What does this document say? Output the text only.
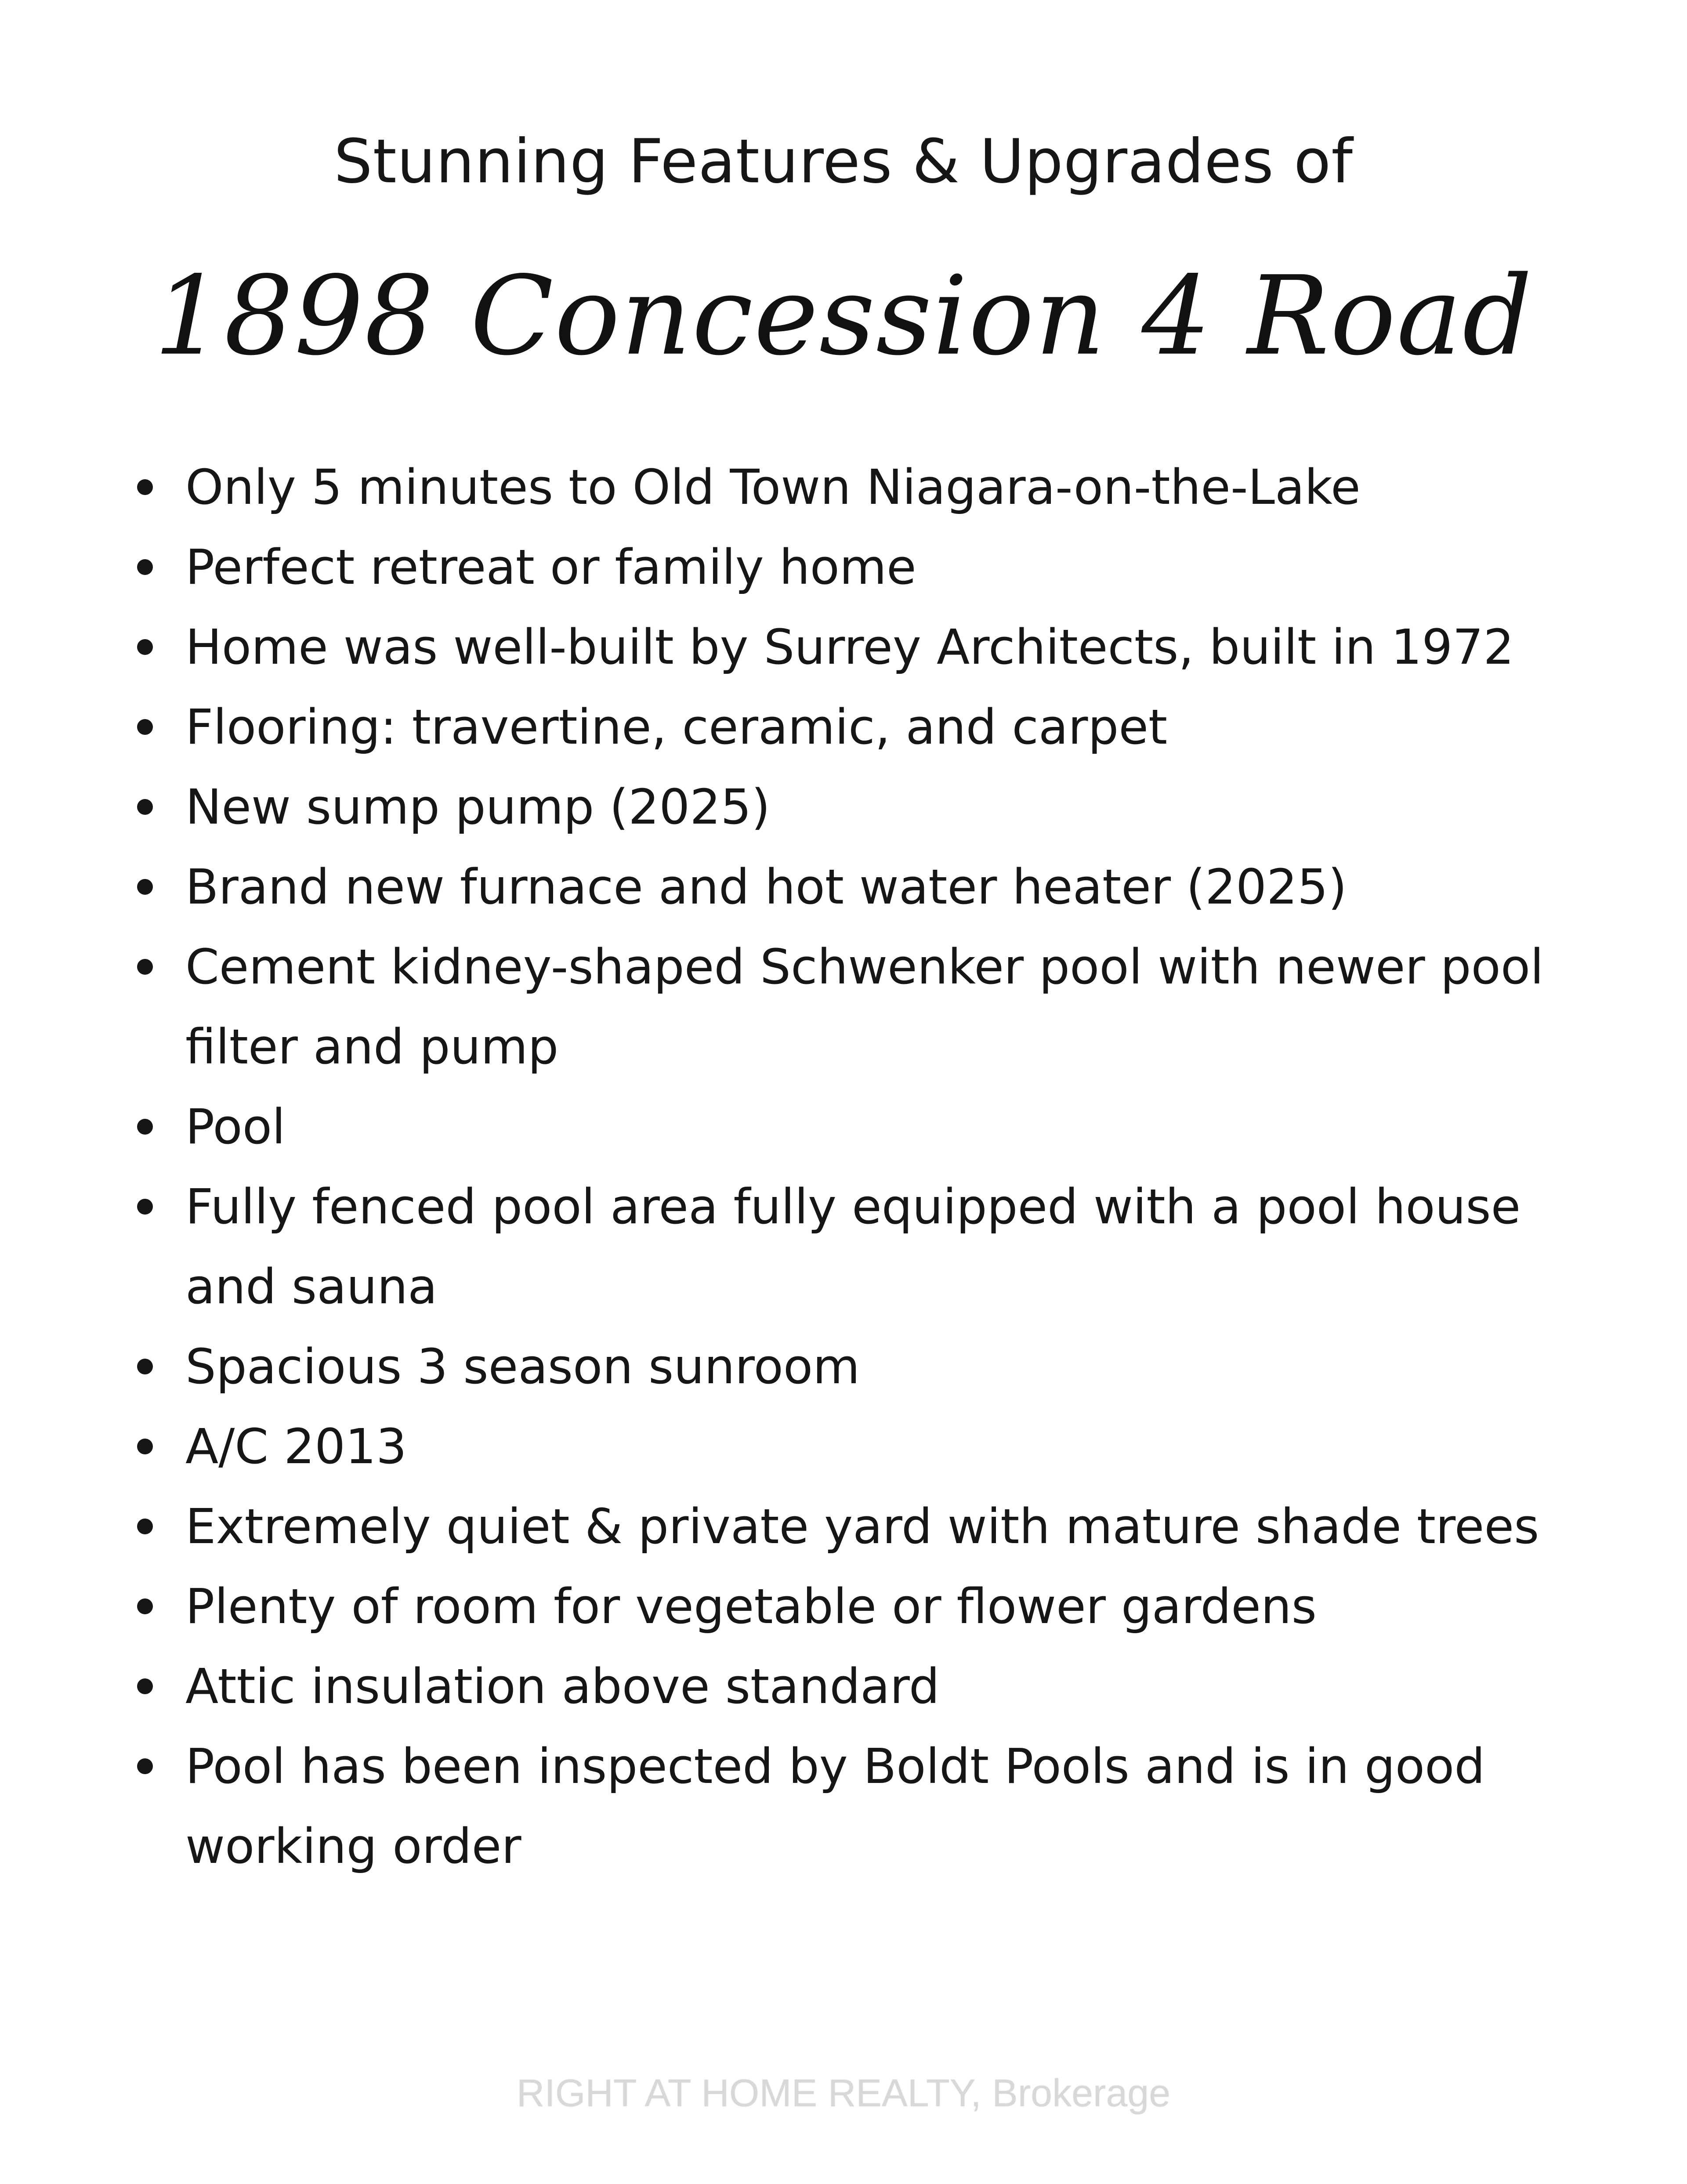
Stunning Features & Upgrades of
1898 Concession 4 Road
Only 5 minutes to Old Town Niagara-on-the-Lake
Perfect retreat or family home
Home was well-built by Surrey Architects, built in 1972
Flooring: travertine, ceramic, and carpet
New sump pump (2025)
Brand new furnace and hot water heater (2025)
Cement kidney-shaped Schwenker pool with newer pool filter and pump
Pool
Fully fenced pool area fully equipped with a pool house and sauna
Spacious 3 season sunroom
A/C 2013
Extremely quiet & private yard with mature shade trees
Plenty of room for vegetable or flower gardens
Attic insulation above standard
Pool has been inspected by Boldt Pools and is in good working order
RIGHT AT HOME REALTY, Brokerage
